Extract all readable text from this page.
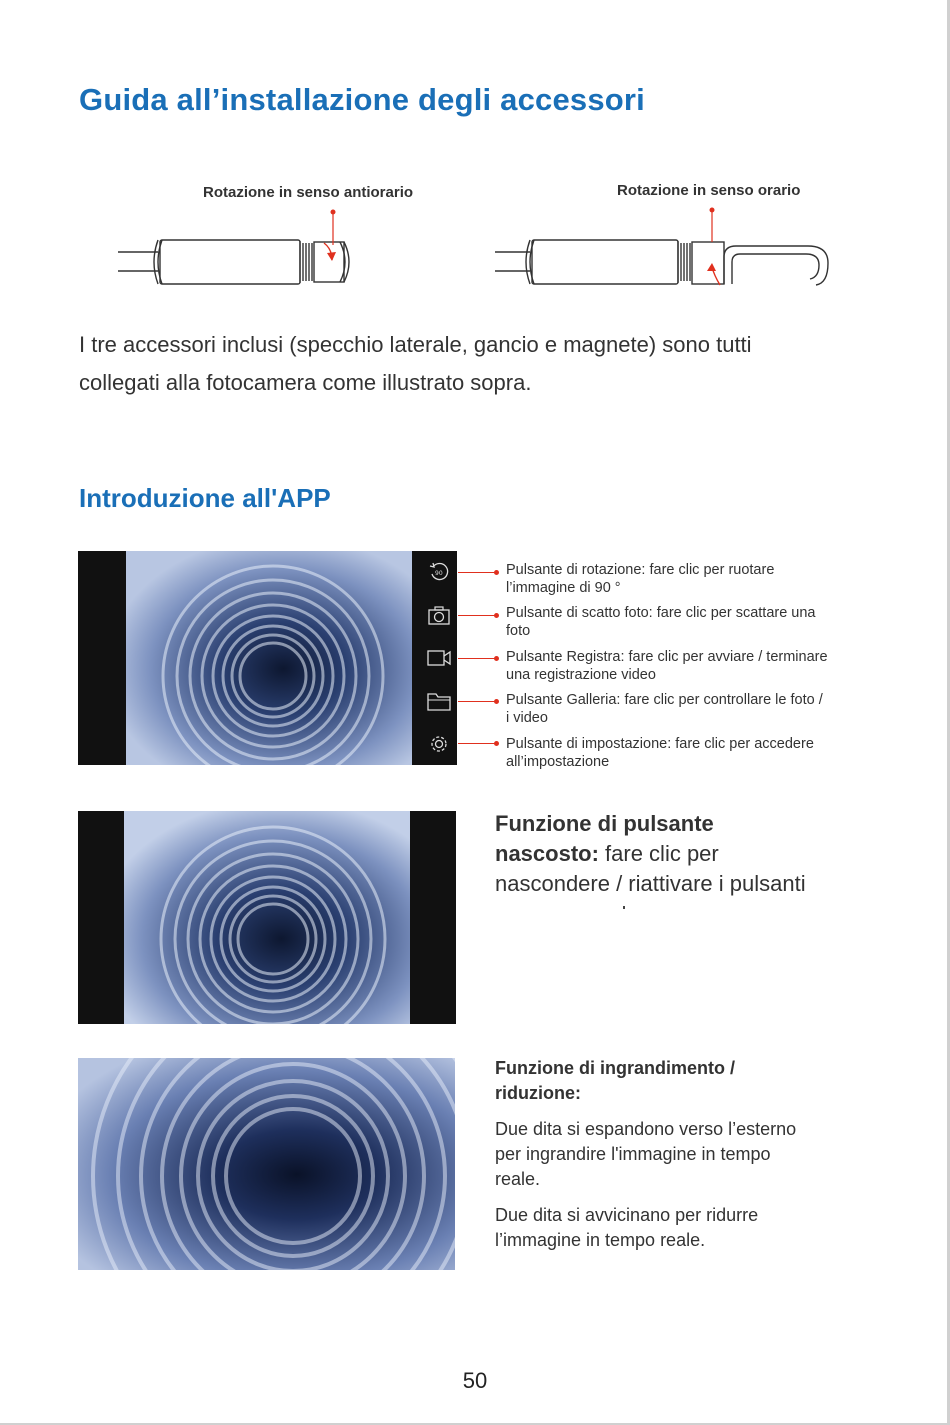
Guida all’installazione degli accessori
Rotazione in senso antiorario	Rotazione in senso orario
I tre accessori inclusi (specchio laterale, gancio e magnete) sono tutti
collegati alla fotocamera come illustrato sopra.
Introduzione all'APP
90	Pulsante di rotazione: fare clic per ruotare
l’immagine di 90 °
Pulsante di scatto foto: fare clic per scattare una
foto
Pulsante Registra: fare clic per avviare / terminare
una registrazione video
Pulsante Galleria: fare clic per controllare le foto /
i video
Pulsante di impostazione: fare clic per accedere
all’impostazione
Funzione di pulsante
nascosto: fare clic per
nascondere / riattivare i pulsanti

Funzione di ingrandimento /
riduzione:

Due dita si espandono verso l’esterno
per ingrandire l'immagine in tempo
reale.

Due dita si avvicinano per ridurre
l’immagine in tempo reale.

50
